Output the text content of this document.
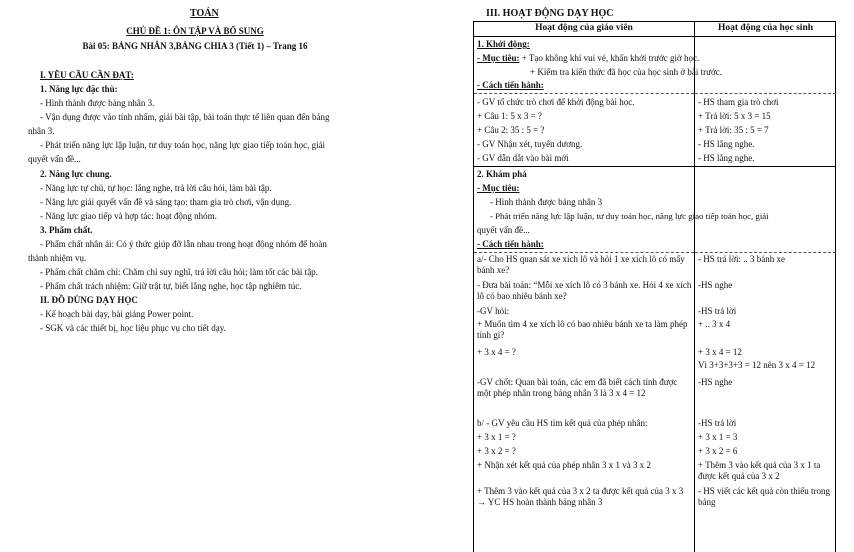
TOÁN
CHỦ ĐỀ 1: ÔN TẬP VÀ BỔ SUNG
Bài 05: BẢNG NHÂN 3,BẢNG CHIA 3 (Tiết 1) – Trang 16
I. YÊU CẦU CẦN ĐẠT:
1. Năng lực đặc thù:
- Hình thành được bảng nhân 3.
- Vận dụng được vào tính nhẩm, giải bài tập, bài toán thực tế liên quan đến bảng
nhân 3.
- Phát triển năng lực lập luận, tư duy toán học, năng lực giao tiếp toán học, giải
quyết vấn đề...
2. Năng lực chung.
- Năng lực tự chủ, tự học: lắng nghe, trả lời câu hỏi, làm bài tập.
- Năng lực giải quyết vấn đề và sáng tạo: tham gia trò chơi, vận dụng.
- Năng lực giao tiếp và hợp tác: hoạt động nhóm.
3. Phẩm chất.
- Phẩm chất nhân ái: Có ý thức giúp đỡ lẫn nhau trong hoạt động nhóm để hoàn
thành nhiệm vụ.
- Phẩm chất chăm chỉ: Chăm chỉ suy nghĩ, trả lời câu hỏi; làm tốt các bài tập.
- Phẩm chất trách nhiệm: Giữ trật tự, biết lắng nghe, học tập nghiêm túc.
II. ĐỒ DÙNG DẠY HỌC
- Kế hoạch bài dạy, bài giảng Power point.
- SGK và các thiết bị, học liệu phục vụ cho tiết dạy.
III. HOẠT ĐỘNG DẠY HỌC
Hoạt động của giáo viên	Hoạt động của học sinh
1. Khởi động:
- Mục tiêu: + Tạo không khí vui vẻ, khấn khởi trước giờ học.
+ Kiểm tra kiến thức đã học của học sinh ở bài trước.
- Cách tiến hành:
- GV tổ chức trò chơi để khởi động bài học.
+ Câu 1: 5 x 3 = ?
+ Câu 2: 35 : 5 = ?
- GV Nhận xét, tuyên dương.
- GV dẫn dắt vào bài mới
- HS tham gia trò chơi
+ Trả lời: 5 x 3 = 15
+ Trả lời: 35 : 5 = 7
- HS lắng nghe.
- HS lắng nghe.
2. Khám phá
- Mục tiêu:
- Hình thành được bảng nhân 3
- Phát triển năng lực lập luận, tư duy toán học, năng lực giao tiếp toán học, giải
quyết vấn đề...
- Cách tiến hành:
a/- Cho HS quan sát xe xích lô và hỏi 1 xe xích lô có mấy bánh xe?
- Đưa bài toán: “Mỗi xe xích lô có 3 bánh xe. Hỏi 4 xe xích lô có bao nhiêu bánh xe?
-GV hỏi:
+ Muốn tìm 4 xe xích lô có bao nhiêu bánh xe ta làm phép tính gì?
+ 3 x 4 = ?
-GV chốt: Quan bài toán, các em đã biết cách tính được một phép nhân trong bảng nhân 3 là 3 x 4 = 12
b/ - GV yêu cầu HS tìm kết quả của phép nhân:
+ 3 x 1 = ?
+ 3 x 2 = ?
+ Nhận xét kết quả của phép nhân 3 x 1 và 3 x 2
+ Thêm 3 vào kết quả của 3 x 2 ta được kết quả của 3 x 3 → YC HS hoàn thành bảng nhân 3
- HS trả lời: .. 3 bánh xe
-HS nghe
-HS trả lời
+ .. 3 x 4
+ 3 x 4 = 12
Vì 3+3+3+3 = 12 nên 3 x 4 = 12
-HS nghe
-HS trả lời
+ 3 x 1 = 3
+ 3 x 2 = 6
+ Thêm 3 vào kết quả của 3 x 1 ta được kết quả của 3 x 2
- HS viết các kết quả còn thiếu trong bảng
